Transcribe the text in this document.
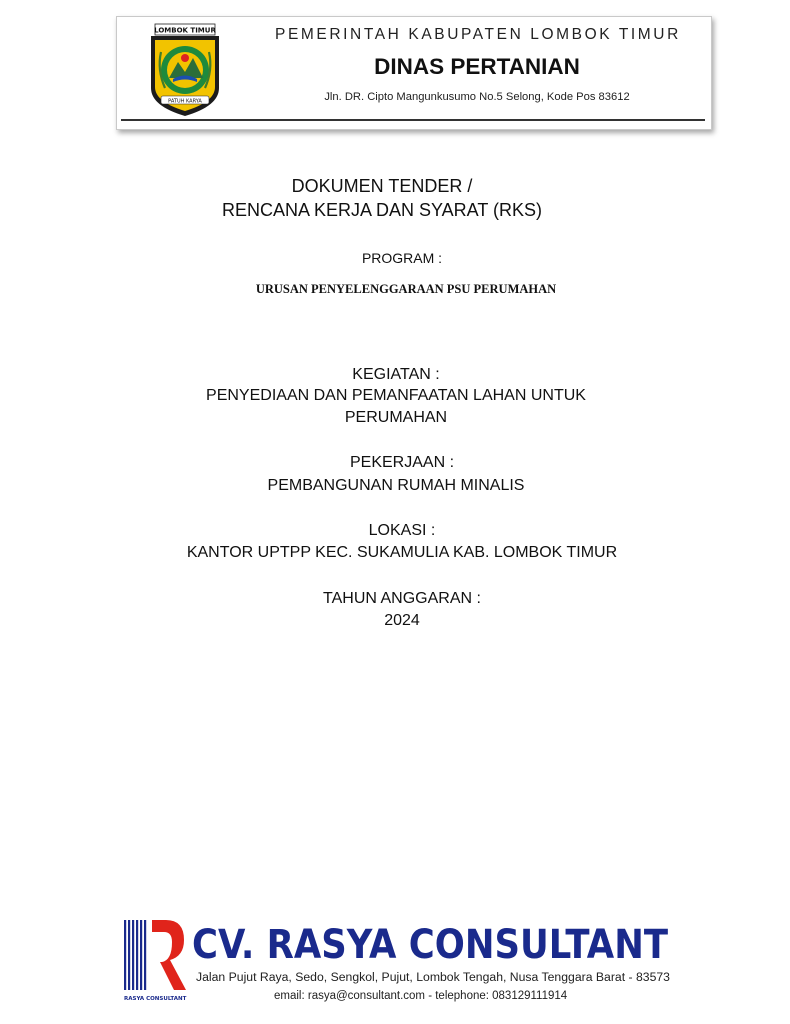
LOMBOK TIMUR
PATUH KARYA
PEMERINTAH KABUPATEN LOMBOK TIMUR
DINAS PERTANIAN
Jln. DR. Cipto Mangunkusumo No.5 Selong, Kode Pos 83612
DOKUMEN TENDER /
RENCANA KERJA DAN SYARAT (RKS)
PROGRAM :
URUSAN PENYELENGGARAAN PSU PERUMAHAN
KEGIATAN :
PENYEDIAAN DAN PEMANFAATAN LAHAN UNTUK
PERUMAHAN
PEKERJAAN :
PEMBANGUNAN RUMAH MINALIS
LOKASI :
KANTOR UPTPP KEC. SUKAMULIA KAB. LOMBOK TIMUR
TAHUN ANGGARAN :
2024
RASYA CONSULTANT
CV. RASYA CONSULTANT
Jalan Pujut Raya, Sedo, Sengkol, Pujut, Lombok Tengah, Nusa Tenggara Barat - 83573
email: rasya@consultant.com - telephone: 083129111914
